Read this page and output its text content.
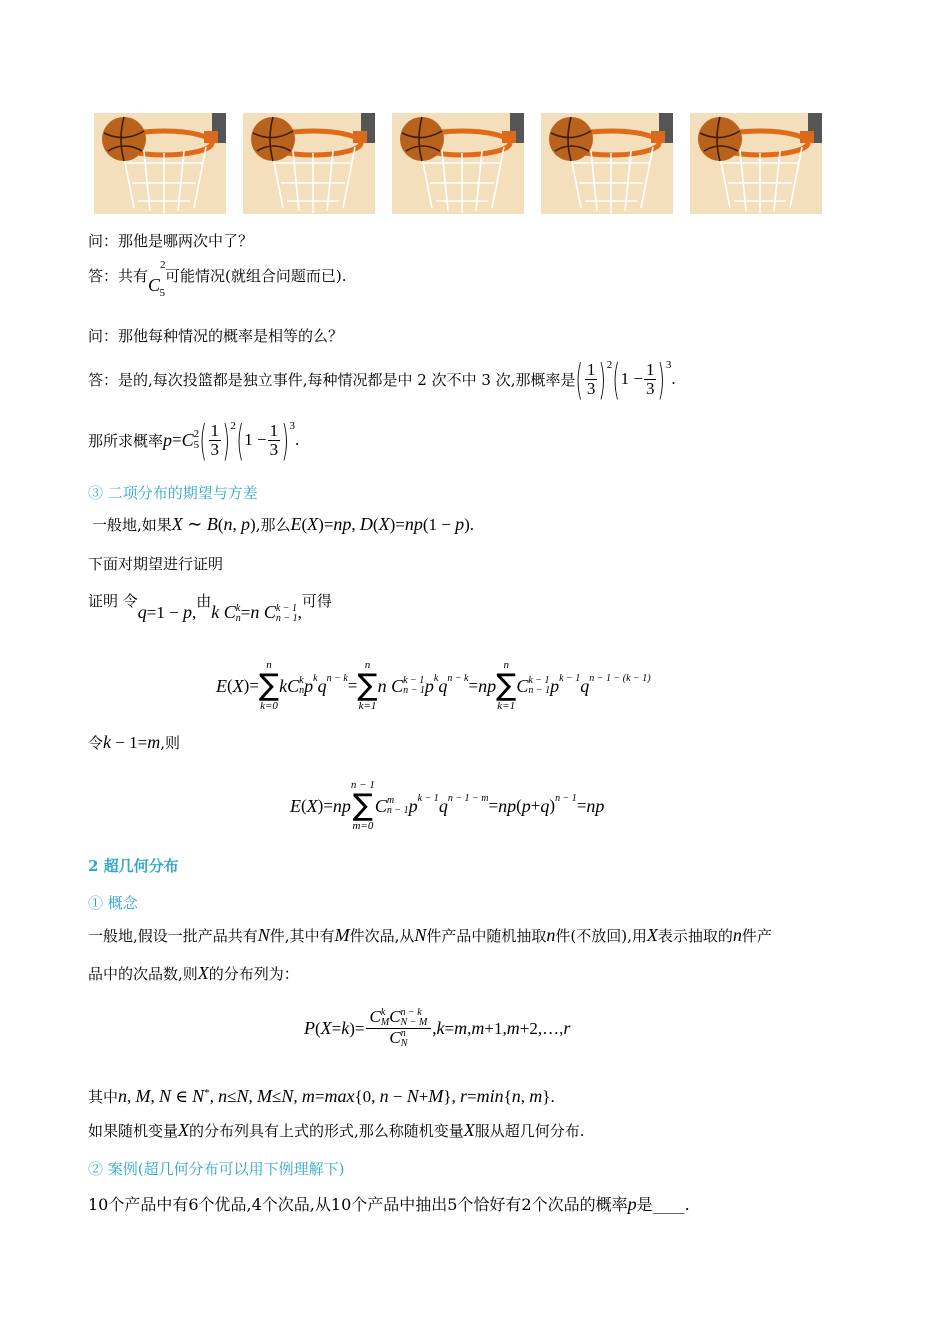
问：那他是哪两次中了？
答：共有$C^2_5$可能情况(就组合问题而已).
问：那他每种情况的概率是相等的么？
答：是的,每次投篮都是独立事件,每种情况都是中 2 次不中 3 次,那概率是 ( $\frac{1}{3} )^2$ ( $1 - \frac{1}{3} )^3$
.
那所求概率 p = C 2
5 ( $\frac{1}{3} )^2$ ( $1 - \frac{1}{3} )^3$
.
③ 二项分布的期望与方差
一般地,如果X ∼ B(n, p),那么E(X)=np, D(X)=np(1 − p).
下面对期望进行证明
证明 令q=1 − p,由k C k
n =n C k − 1
n − 1 ,可得
E ( X )=
n
∑
k=0
kC k
n $p^k$ $q^{n - k}$ =
n
∑
k=1
n C k − 1
n − 1 $p^k$ $q^{n - k}$ = np
n
∑
k=1
C k − 1
n − 1 $p^{k - 1}$ $q^{n - 1 - (k - 1)}$
令k − 1=m,则
E ( X )= np
n − 1
∑
m=0
C m
n − 1 $p^{k - 1}$ $q^{n - 1 - m}$ = np ( p + q )$^{n - 1}$ = np
2 超几何分布
① 概念
一般地,假设一批产品共有N件,其中有M件次品,从N件产品中随机抽取n件(不放回),用X表示抽取的n件产
品中的次品数,则X的分布列为：
P ( X = k )= C k
M C n − k
N − M
C n
N , k = m , m +1, m +2,…, r
其中n, M, N ∈ N*, n≤N, M≤N, m=max{0, n − N+M}, r=min{n, m}.
如果随机变量X的分布列具有上式的形式,那么称随机变量X服从超几何分布.
② 案例(超几何分布可以用下例理解下)
10个产品中有6个优品,4个次品,从10个产品中抽出5个恰好有2个次品的概率p是____.
